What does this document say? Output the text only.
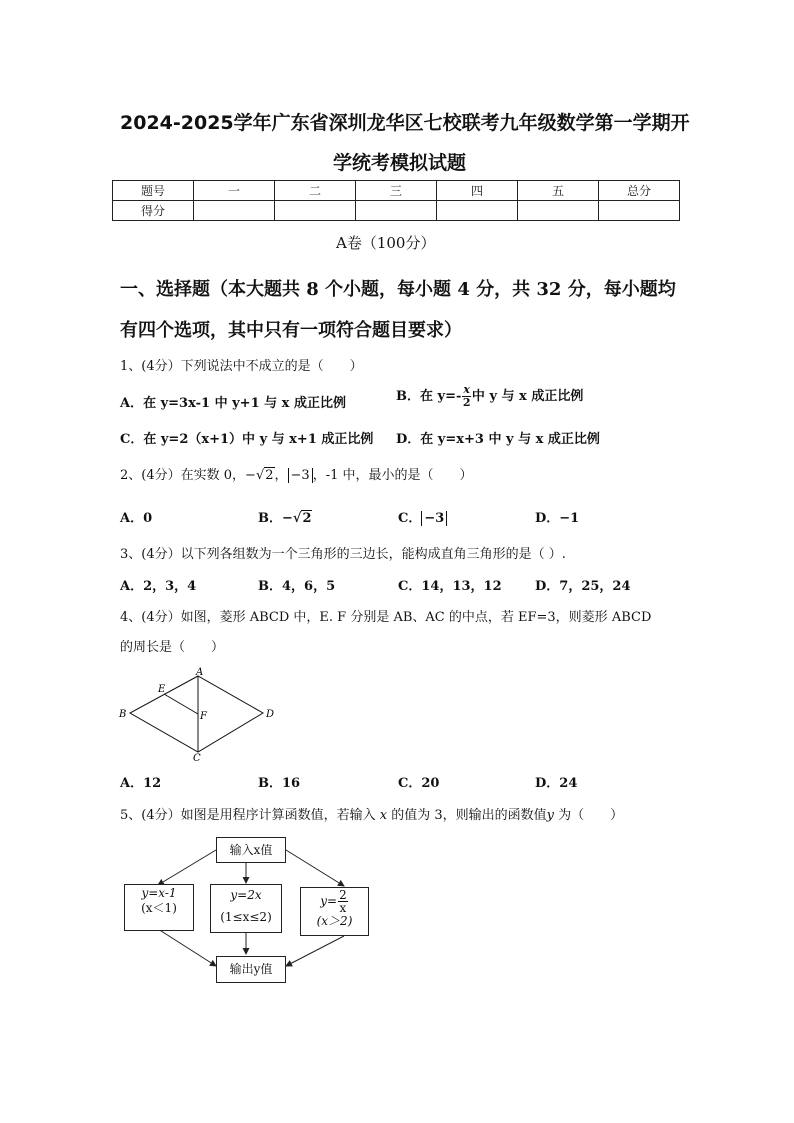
2024-2025学年广东省深圳龙华区七校联考九年级数学第一学期开
学统考模拟试题
题号	一	二	三	四	五	总分
得分						
A卷（100分）
一、选择题（本大题共 8 个小题，每小题 4 分，共 32 分，每小题均
有四个选项，其中只有一项符合题目要求）
1、(4分）下列说法中不成立的是（　　）
A．在 y=3x-1 中 y+1 与 x 成正比例	B．在 $y=- \frac{x}{2}$ 中 y 与 x 成正比例
C．在 y=2（x+1）中 y 与 x+1 成正比例 D．在 y=x+3 中 y 与 x 成正比例
2、(4分）在实数 0，−√2， −3 ，-1 中，最小的是（　　）
A．0	B．−√2	C． −3	D．−1
3、(4分）以下列各组数为一个三角形的三边长，能构成直角三角形的是（ ）.
A．2，3，4	B．4，6，5	C．14，13，12	D．7，25，24
4、(4分）如图，菱形 ABCD 中，E. F 分别是 AB、AC 的中点，若 EF=3，则菱形 ABCD
的周长是（　　）
A
B
C
D
E
F
A．12	B．16	C．20	D．24
5、(4分）如图是用程序计算函数值，若输入 x 的值为 3，则输出的函数值y 为（　　）
输入x值
y=x-1
(x＜1)
y=2x
(1≤x≤2)
$y= \frac{2}{x}$
(x＞2)
输出y值
